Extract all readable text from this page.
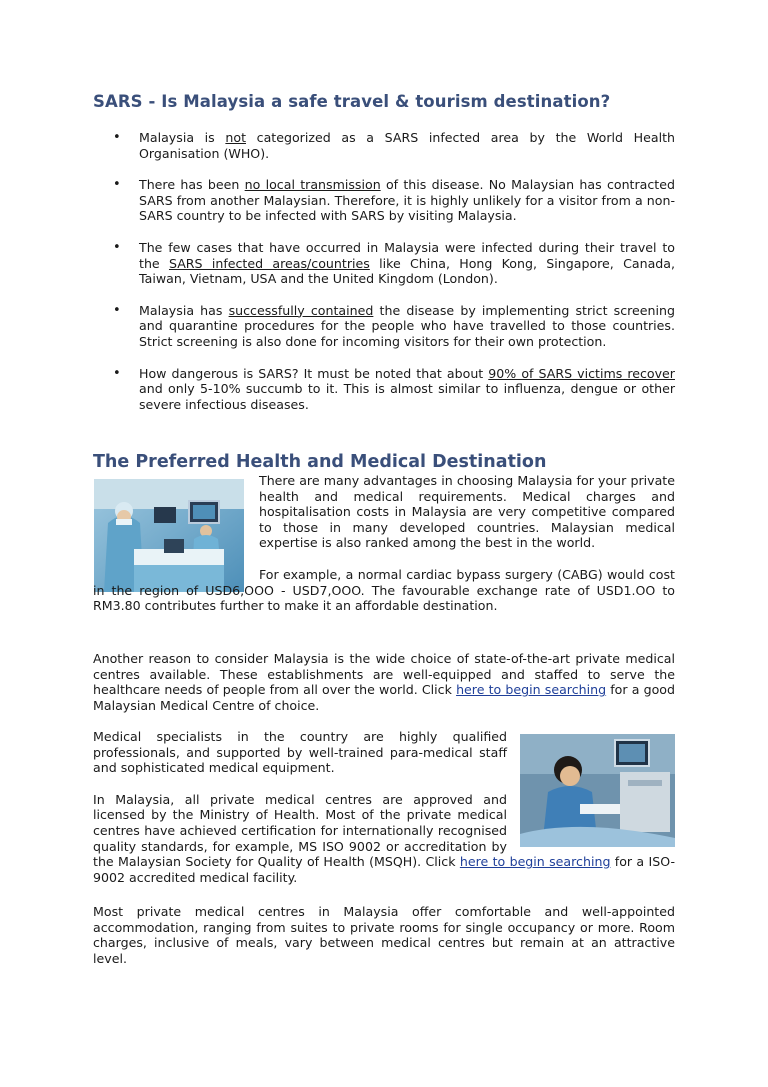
SARS - Is Malaysia a safe travel & tourism destination?
• Malaysia is not categorized as a SARS infected area by the World Health Organisation (WHO).
• There has been no local transmission of this disease. No Malaysian has contracted SARS from another Malaysian. Therefore, it is highly unlikely for a visitor from a non-SARS country to be infected with SARS by visiting Malaysia.
• The few cases that have occurred in Malaysia were infected during their travel to the SARS infected areas/countries like China, Hong Kong, Singapore, Canada, Taiwan, Vietnam, USA and the United Kingdom (London).
• Malaysia has successfully contained the disease by implementing strict screening and quarantine procedures for the people who have travelled to those countries. Strict screening is also done for incoming visitors for their own protection.
• How dangerous is SARS? It must be noted that about 90% of SARS victims recover and only 5-10% succumb to it. This is almost similar to influenza, dengue or other severe infectious diseases.
The Preferred Health and Medical Destination

There are many advantages in choosing Malaysia for your private health and medical requirements. Medical charges and hospitalisation costs in Malaysia are very competitive compared to those in many developed countries. Malaysian medical expertise is also ranked among the best in the world.

For example, a normal cardiac bypass surgery (CABG) would cost in the region of USD6,OOO - USD7,OOO. The favourable exchange rate of USD1.OO to RM3.80 contributes further to make it an affordable destination.

Another reason to consider Malaysia is the wide choice of state-of-the-art private medical centres available. These establishments are well-equipped and staffed to serve the healthcare needs of people from all over the world. Click here to begin searching for a good Malaysian Medical Centre of choice.

Medical specialists in the country are highly qualified professionals, and supported by well-trained para-medical staff and sophisticated medical equipment.

In Malaysia, all private medical centres are approved and licensed by the Ministry of Health. Most of the private medical centres have achieved certification for internationally recognised quality standards, for example, MS ISO 9002 or accreditation by the Malaysian Society for Quality of Health (MSQH). Click here to begin searching for a ISO-9002 accredited medical facility.

Most private medical centres in Malaysia offer comfortable and well-appointed accommodation, ranging from suites to private rooms for single occupancy or more. Room charges, inclusive of meals, vary between medical centres but remain at an attractive level.
